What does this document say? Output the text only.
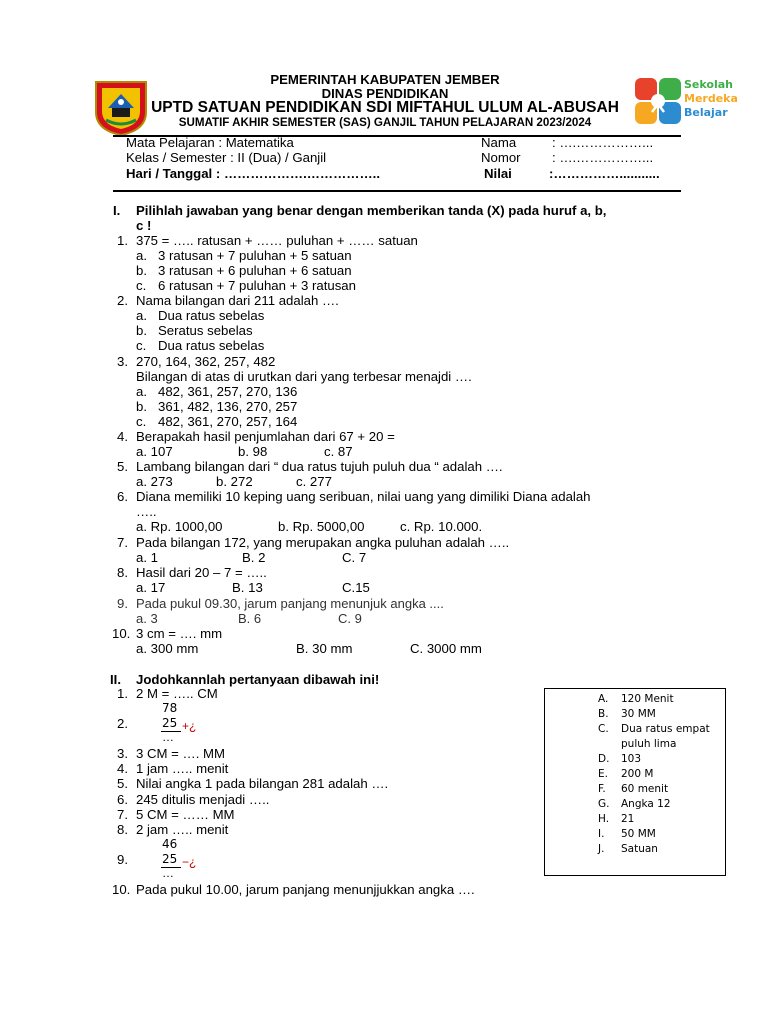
PEMERINTAH KABUPATEN JEMBER
DINAS PENDIDIKAN
UPTD SATUAN PENDIDIKAN SDI MIFTAHUL ULUM AL-ABUSAH
SUMATIF AKHIR SEMESTER (SAS) GANJIL TAHUN PELAJARAN 2023/2024
Sekolah
Merdeka
Belajar
Mata Pelajaran : Matematika
Kelas / Semester : II (Dua) / Ganjil
Hari / Tanggal : ……………….……………..
Nama	: ….……………...
Nomor : ….……………...
Nilai	:……………...........
I. Pilihlah jawaban yang benar dengan memberikan tanda (X) pada huruf a, b,
c !
1. 375 = ….. ratusan + …… puluhan + …… satuan
a. 3 ratusan + 7 puluhan + 5 satuan
b. 3 ratusan + 6 puluhan + 6 satuan
c. 6 ratusan + 7 puluhan + 3 ratusan
2. Nama bilangan dari 211 adalah ….
a. Dua ratus sebelas
b. Seratus sebelas
c. Dua ratus sebelas
3. 270, 164, 362, 257, 482
Bilangan di atas di urutkan dari yang terbesar menajdi ….
a. 482, 361, 257, 270, 136
b. 361, 482, 136, 270, 257
c. 482, 361, 270, 257, 164
4. Berapakah hasil penjumlahan dari 67 + 20 =
a. 107	b. 98	c. 87
5. Lambang bilangan dari “ dua ratus tujuh puluh dua “ adalah ….
a. 273	b. 272	c. 277
6. Diana memiliki 10 keping uang seribuan, nilai uang yang dimiliki Diana adalah
…..
a. Rp. 1000,00	b. Rp. 5000,00	c. Rp. 10.000.
7. Pada bilangan 172, yang merupakan angka puluhan adalah …..
a. 1	B. 2	C. 7
8. Hasil dari 20 – 7 = …..
a. 17	B. 13	C.15
9. Pada pukul 09.30, jarum panjang menunjuk angka ....
a. 3	B. 6	C. 9
10. 3 cm = …. mm
a. 300 mm	B. 30 mm	C. 3000 mm
II. Jodohkannlah pertanyaan dibawah ini!
1. 2 M = ….. CM
2.
78
25 +¿
…
3. 3 CM = …. MM
4. 1 jam ….. menit
5. Nilai angka 1 pada bilangan 281 adalah ….
6. 245 ditulis menjadi …..
7. 5 CM = …… MM
8. 2 jam ….. menit
9.
46
25 −¿
…
10. Pada pukul 10.00, jarum panjang menunjjukkan angka ….
A. 120 Menit
B. 30 MM
C. Dua ratus empat
puluh lima
D. 103
E. 200 M
F. 60 menit
G. Angka 12
H. 21
I. 50 MM
J. Satuan
